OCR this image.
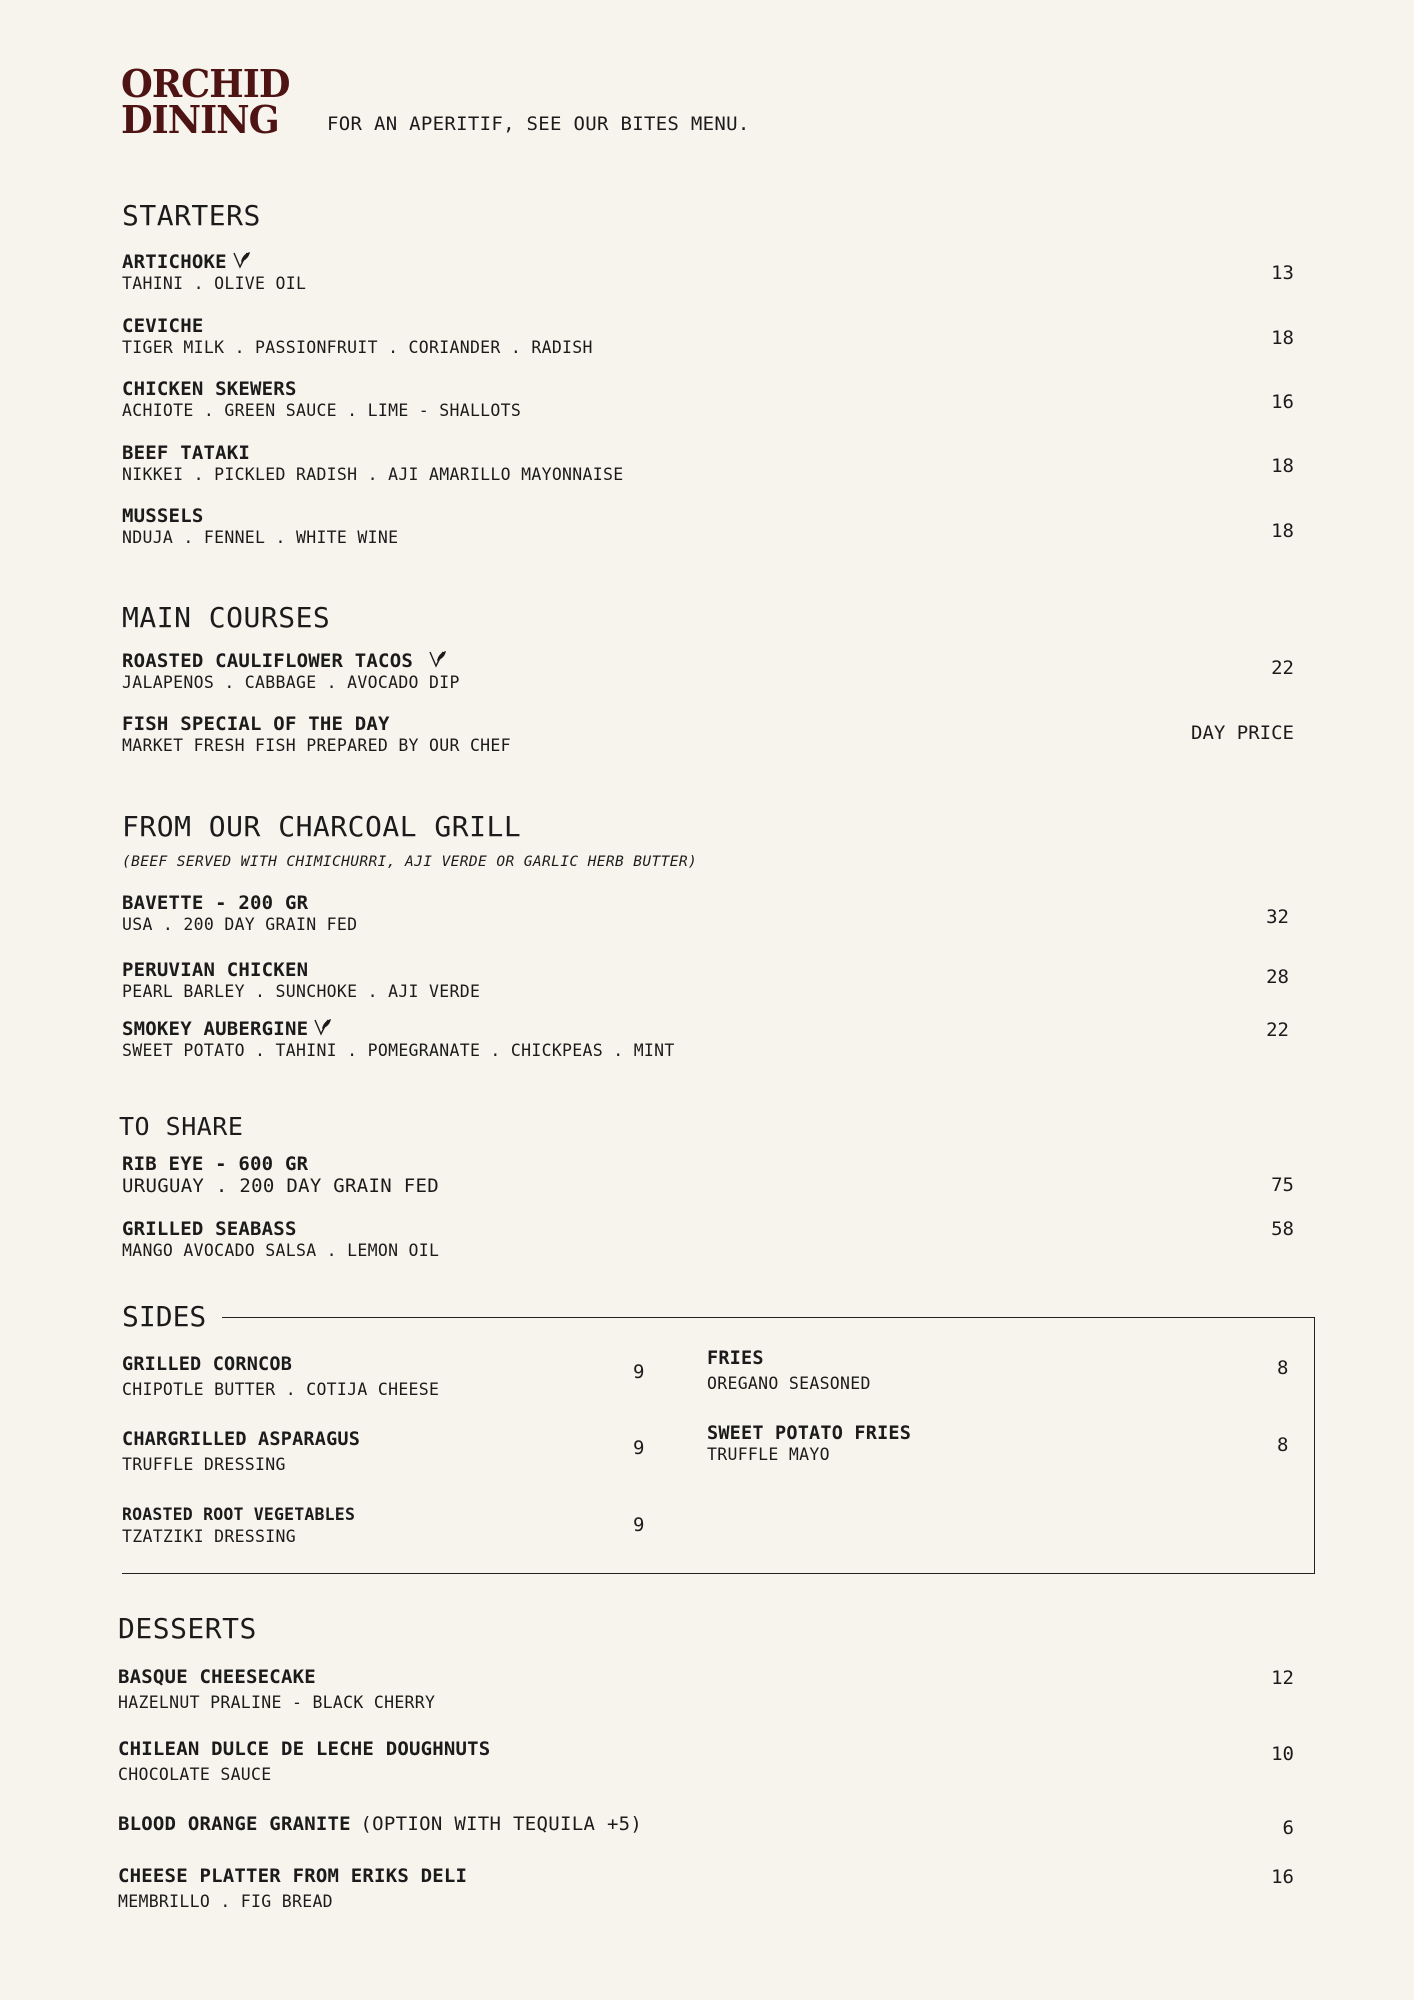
ORCHID
DINING	FOR AN APERITIF, SEE OUR BITES MENU.
STARTERS
ARTICHOKE
TAHINI . OLIVE OIL	13
CEVICHE
TIGER MILK . PASSIONFRUIT . CORIANDER . RADISH	18
CHICKEN SKEWERS
ACHIOTE . GREEN SAUCE . LIME - SHALLOTS	16
BEEF TATAKI
NIKKEI . PICKLED RADISH . AJI AMARILLO MAYONNAISE	18
MUSSELS
NDUJA . FENNEL . WHITE WINE	18
MAIN COURSES
ROASTED CAULIFLOWER TACOS
JALAPENOS . CABBAGE . AVOCADO DIP
22
FISH SPECIAL OF THE DAY
MARKET FRESH FISH PREPARED BY OUR CHEF
DAY PRICE
FROM OUR CHARCOAL GRILL
(BEEF SERVED WITH CHIMICHURRI, AJI VERDE OR GARLIC HERB BUTTER)
BAVETTE - 200 GR
USA . 200 DAY GRAIN FED	32
PERUVIAN CHICKEN
PEARL BARLEY . SUNCHOKE . AJI VERDE
28
SMOKEY AUBERGINE
SWEET POTATO . TAHINI . POMEGRANATE . CHICKPEAS . MINT
22
TO SHARE
RIB EYE - 600 GR
URUGUAY . 200 DAY GRAIN FED	75
GRILLED SEABASS
MANGO AVOCADO SALSA . LEMON OIL
58
SIDES
GRILLED CORNCOB
CHIPOTLE BUTTER . COTIJA CHEESE
9
CHARGRILLED ASPARAGUS
TRUFFLE DRESSING
9
ROASTED ROOT VEGETABLES
TZATZIKI DRESSING
9
FRIES
OREGANO SEASONED
8
SWEET POTATO FRIES
TRUFFLE MAYO	8
DESSERTS
BASQUE CHEESECAKE
HAZELNUT PRALINE - BLACK CHERRY
12
CHILEAN DULCE DE LECHE DOUGHNUTS
CHOCOLATE SAUCE
10
BLOOD ORANGE GRANITE (OPTION WITH TEQUILA +5)	6
CHEESE PLATTER FROM ERIKS DELI
MEMBRILLO . FIG BREAD
16
